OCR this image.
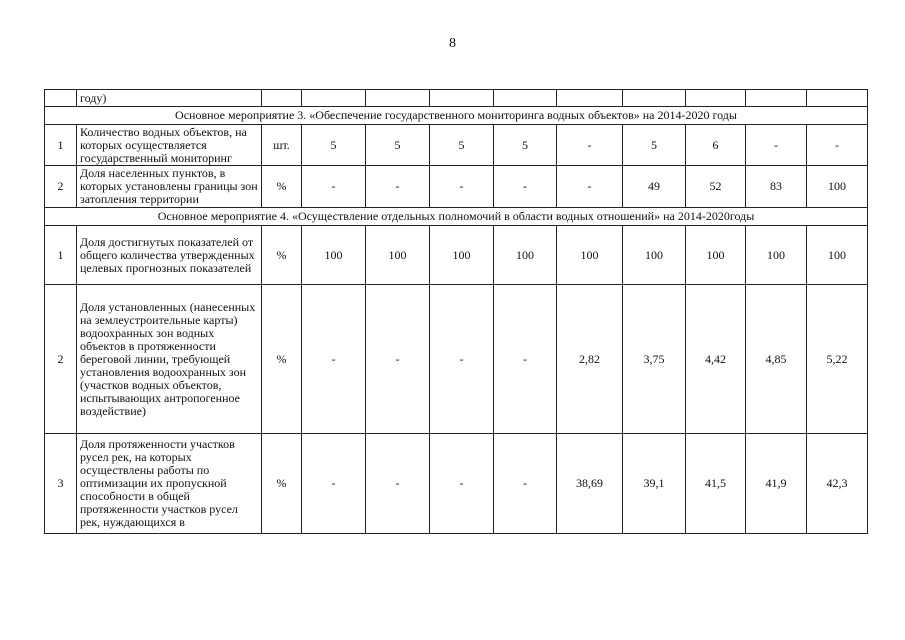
8
	году)										
Основное мероприятие 3. «Обеспечение государственного мониторинга водных объектов» на 2014-2020 годы											
1	Количество водных объектов, на которых осуществляется государственный мониторинг	шт.	5	5	5	5	-	5	6	-	-
2	Доля населенных пунктов, в которых установлены границы зон затопления территории	%	-	-	-	-	-	49	52	83	100
Основное мероприятие 4. «Осуществление отдельных полномочий в области водных отношений» на 2014-2020годы											
1	Доля достигнутых показателей от общего количества утвержденных целевых прогнозных показателей	%	100	100	100	100	100	100	100	100	100
2	Доля установленных (нанесенных на землеустроительные карты) водоохранных зон водных объектов в протяженности береговой линии, требующей установления водоохранных зон (участков водных объектов, испытывающих антропогенное воздействие)	%	-	-	-	-	2,82	3,75	4,42	4,85	5,22
3	Доля протяженности участков русел рек, на которых осуществлены работы по оптимизации их пропускной способности в общей протяженности участков русел рек, нуждающихся в	%	-	-	-	-	38,69	39,1	41,5	41,9	42,3
